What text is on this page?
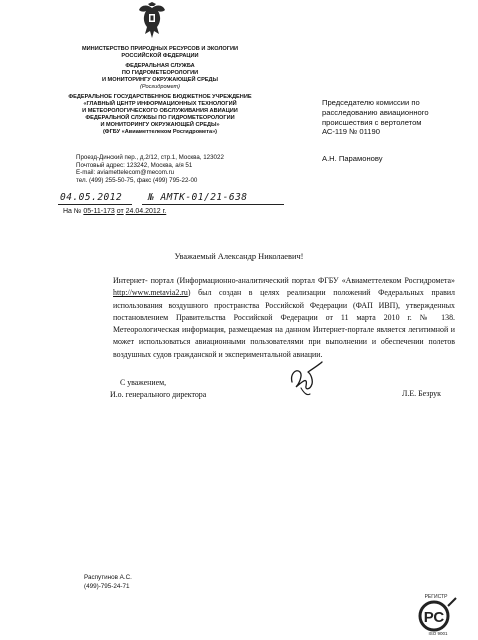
МИНИСТЕРСТВО ПРИРОДНЫХ РЕСУРСОВ И ЭКОЛОГИИ
РОССИЙСКОЙ ФЕДЕРАЦИИ
ФЕДЕРАЛЬНАЯ СЛУЖБА
ПО ГИДРОМЕТЕОРОЛОГИИ
И МОНИТОРИНГУ ОКРУЖАЮЩЕЙ СРЕДЫ
(Росгидромет)
ФЕДЕРАЛЬНОЕ ГОСУДАРСТВЕННОЕ БЮДЖЕТНОЕ УЧРЕЖДЕНИЕ
«ГЛАВНЫЙ ЦЕНТР ИНФОРМАЦИОННЫХ ТЕХНОЛОГИЙ
И МЕТЕОРОЛОГИЧЕСКОГО ОБСЛУЖИВАНИЯ АВИАЦИИ
ФЕДЕРАЛЬНОЙ СЛУЖБЫ ПО ГИДРОМЕТЕОРОЛОГИИ
И МОНИТОРИНГУ ОКРУЖАЮЩЕЙ СРЕДЫ»
(ФГБУ «Авиаметтелеком Росгидромета»)
Проезд-Динский пер., д.2/12, стр.1, Москва, 123022
Почтовый адрес: 123242, Москва, а/я 51
E-mail: aviamettelecom@mecom.ru
тел. (499) 255-50-75, факс (499) 795-22-00
04.05.2012	№ АМТК-01/21-638
На № 05-11-173 от 24.04.2012 г.
Председателю комиссии по
расследованию авиационного
происшествия с вертолетом
АС-119 № 01190
А.Н. Парамонову
Уважаемый Александр Николаевич!
Интернет- портал (Информационно-аналитический портал ФГБУ «Авиаметтелеком Росгидромета» http://www.metavia2.ru) был создан в целях реализации положений Федеральных правил использования воздушного пространства Российской Федерации (ФАП ИВП), утвержденных постановлением Правительства Российской Федерации от 11 марта 2010 г. № 138. Метеорологическая информация, размещаемая на данном Интернет-портале является легитимной и может использоваться авиационными пользователями при выполнении и обеспечении полетов воздушных судов гражданской и экспериментальной авиации.
С уважением,
И.о. генерального директора	Л.Е. Безрук
Распутинов А.С.
(499)-795-24-71
РЕГИСТР
РС
ISO 9001
